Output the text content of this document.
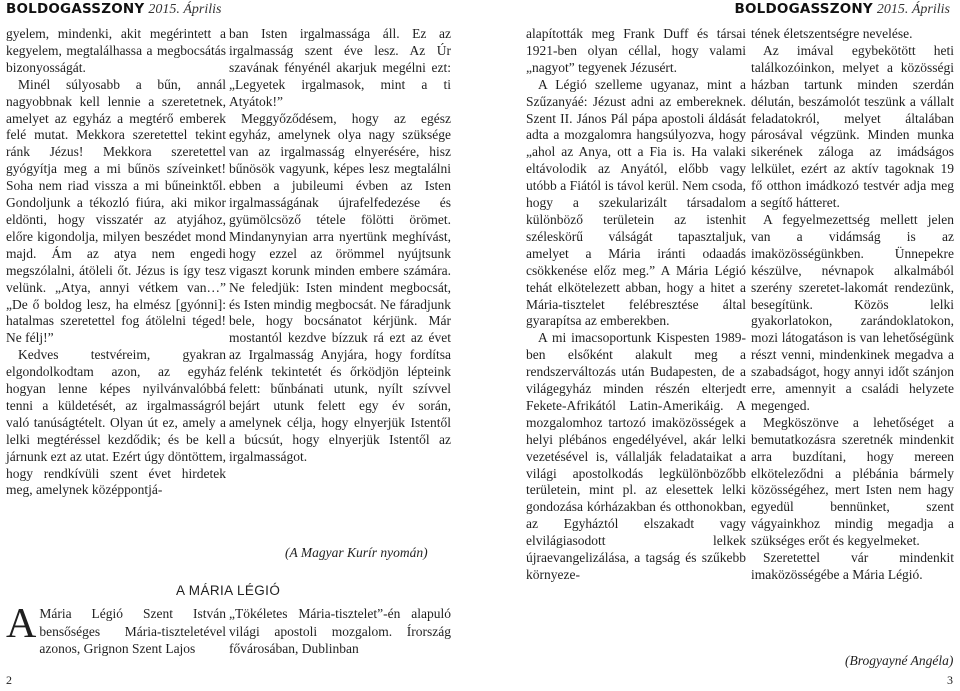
BOLDOGASSZONY 2015. Április

gyelem, mindenki, akit megérintett a kegyelem, megtalálhassa a megbocsátás bizonyosságát.

Minél súlyosabb a bűn, annál nagyobbnak kell lennie a szeretetnek, amelyet az egyház a megtérő emberek felé mutat. Mekkora szeretettel tekint ránk Jézus! Mekkora szeretettel gyógyítja meg a mi bűnös szíveinket! Soha nem riad vissza a mi bűneinktől. Gondoljunk a tékozló fiúra, aki mikor eldönti, hogy visszatér az atyjához, előre kigondolja, milyen beszédet mond majd. Ám az atya nem engedi megszólalni, átöleli őt. Jézus is így tesz velünk. „Atya, annyi vétkem van…” „De ő boldog lesz, ha elmész [gyónni]: hatalmas szeretettel fog átölelni téged! Ne félj!”

Kedves testvéreim, gyakran elgondolkodtam azon, az egyház hogyan lenne képes nyilvánvalóbbá tenni a küldetését, az irgalmasságról való tanúságtételt. Olyan út ez, amely a lelki megtéréssel kezdődik; és be kell járnunk ezt az utat. Ezért úgy döntöttem, hogy rendkívüli szent évet hirdetek meg, amelynek középpontjá-

ban Isten irgalmassága áll. Ez az irgalmasság szent éve lesz. Az Úr szavának fényénél akarjuk megélni ezt: „Legyetek irgalmasok, mint a ti Atyátok!”

Meggyőződésem, hogy az egész egyház, amelynek olya nagy szüksége van az irgalmasság elnyerésére, hisz bűnösök vagyunk, képes lesz megtalálni ebben a jubileumi évben az Isten irgalmasságának újrafelfedezése és gyümölcsöző tétele fölötti örömet. Mindanynyian arra nyertünk meghívást, hogy ezzel az örömmel nyújtsunk vigaszt korunk minden embere számára. Ne feledjük: Isten mindent megbocsát, és Isten mindig megbocsát. Ne fáradjunk bele, hogy bocsánatot kérjünk. Már mostantól kezdve bízzuk rá ezt az évet az Irgalmasság Anyjára, hogy fordítsa felénk tekintetét és őrködjön lépteink felett: bűnbánati utunk, nyílt szívvel bejárt utunk felett egy év során, amelynek célja, hogy elnyerjük Istentől a búcsút, hogy elnyerjük Istentől az irgalmasságot.

(A Magyar Kurír nyomán)
A MÁRIA LÉGIÓ
A Mária Légió Szent István bensőséges Mária-tiszteletével azonos, Grignon Szent Lajos
„Tökéletes Mária-tisztelet”-én alapuló világi apostoli mozgalom. Írország fővárosában, Dublinban
2
BOLDOGASSZONY 2015. Április

alapították meg Frank Duff és társai 1921-ben olyan céllal, hogy valami „nagyot” tegyenek Jézusért.

A Légió szelleme ugyanaz, mint a Szűzanyáé: Jézust adni az embereknek. Szent II. János Pál pápa apostoli áldását adta a mozgalomra hangsúlyozva, hogy „ahol az Anya, ott a Fia is. Ha valaki eltávolodik az Anyától, előbb vagy utóbb a Fiától is távol kerül. Nem csoda, hogy a szekularizált társadalom különböző területein az istenhit széleskörű válságát tapasztaljuk, amelyet a Mária iránti odaadás csökkenése előz meg.” A Mária Légió tehát elkötelezett abban, hogy a hitet a Mária-tisztelet felébresztése által gyarapítsa az emberekben.

A mi imacsoportunk Kispesten 1989-ben elsőként alakult meg a rendszerváltozás után Budapesten, de a világegyház minden részén elterjedt Fekete-Afrikától Latin-Amerikáig. A mozgalomhoz tartozó imaközösségek a helyi plébános engedélyével, akár lelki vezetésével is, vállalják feladataikat a világi apostolkodás legkülönbözőbb területein, mint pl. az elesettek lelki gondozása kórházakban és otthonokban, az Egyháztól elszakadt vagy elvilágiasodott lelkek újraevangelizálása, a tagság és szűkebb környeze-

tének életszentségre nevelése.

Az imával egybekötött heti találkozóinkon, melyet a közösségi házban tartunk minden szerdán délután, beszámolót teszünk a vállalt feladatokról, melyet általában párosával végzünk. Minden munka sikerének záloga az imádságos lelkület, ezért az aktív tagoknak 19 fő otthon imádkozó testvér adja meg a segítő hátteret.

A fegyelmezettség mellett jelen van a vidámság is az imaközösségünkben. Ünnepekre készülve, névnapok alkalmából szerény szeretet-lakomát rendezünk, besegítünk. Közös lelki gyakorlatokon, zarándoklatokon, mozi látogatáson is van lehetőségünk részt venni, mindenkinek megadva a szabadságot, hogy annyi időt szánjon erre, amennyit a családi helyzete megenged.

Megköszönve a lehetőséget a bemutatkozásra szeretnék mindenkit arra buzdítani, hogy mereen elköteleződni a plébánia bármely közösségéhez, mert Isten nem hagy egyedül bennünket, szent vágyainkhoz mindig megadja a szükséges erőt és kegyelmeket.

Szeretettel vár mindenkit imaközösségébe a Mária Légió.

(Brogyayné Angéla)
3
